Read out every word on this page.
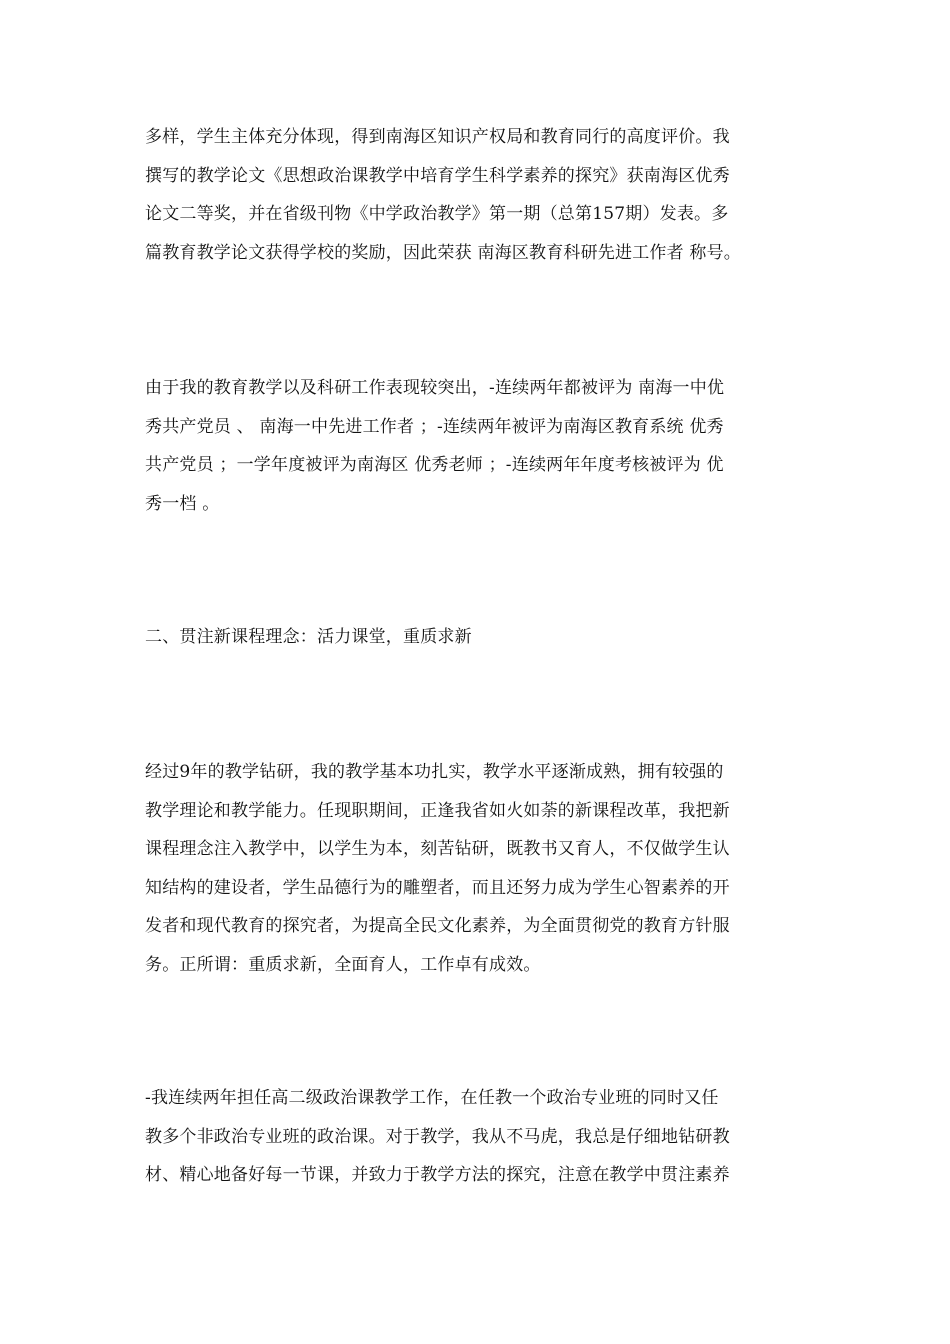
多样，学生主体充分体现，得到南海区知识产权局和教育同行的高度评价。我
撰写的教学论文《思想政治课教学中培育学生科学素养的探究》获南海区优秀
论文二等奖，并在省级刊物《中学政治教学》第一期（总第157期）发表。多
篇教育教学论文获得学校的奖励，因此荣获 南海区教育科研先进工作者 称号。

由于我的教育教学以及科研工作表现较突出，-连续两年都被评为 南海一中优
秀共产党员 、 南海一中先进工作者 ；-连续两年被评为南海区教育系统 优秀
共产党员 ；一学年度被评为南海区 优秀老师 ；-连续两年年度考核被评为 优
秀一档 。

二、贯注新课程理念：活力课堂，重质求新

经过9年的教学钻研，我的教学基本功扎实，教学水平逐渐成熟，拥有较强的
教学理论和教学能力。任现职期间，正逢我省如火如荼的新课程改革，我把新
课程理念注入教学中，以学生为本，刻苦钻研，既教书又育人，不仅做学生认
知结构的建设者，学生品德行为的雕塑者，而且还努力成为学生心智素养的开
发者和现代教育的探究者，为提高全民文化素养，为全面贯彻党的教育方针服
务。正所谓：重质求新，全面育人，工作卓有成效。

-我连续两年担任高二级政治课教学工作，在任教一个政治专业班的同时又任
教多个非政治专业班的政治课。对于教学，我从不马虎，我总是仔细地钻研教
材、精心地备好每一节课，并致力于教学方法的探究，注意在教学中贯注素养
